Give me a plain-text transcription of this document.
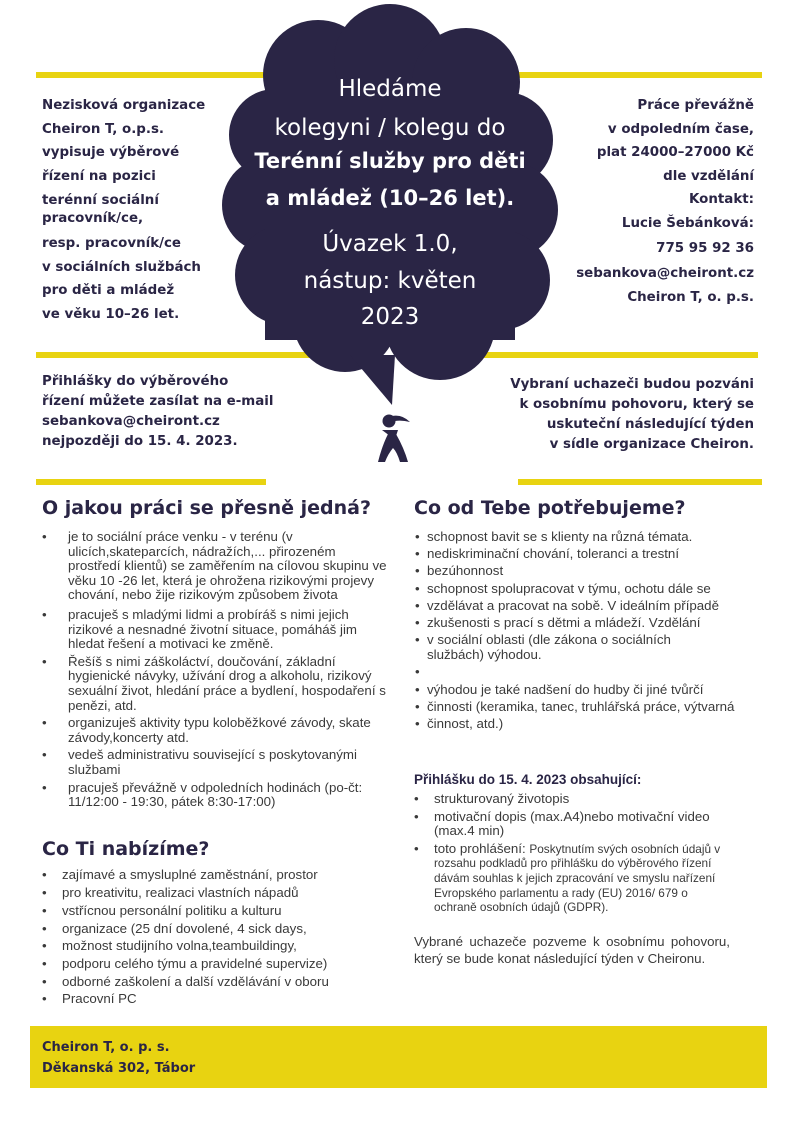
Hledáme
kolegyni / kolegu do
Terénní služby pro děti
a mládež (10–26 let).
Úvazek 1.0,
nástup: květen
2023
Nezisková organizace
Cheiron T, o.p.s.
vypisuje výběrové
řízení na pozici
terénní sociální
pracovník/ce,
resp. pracovník/ce
v sociálních službách
pro děti a mládež
ve věku 10–26 let.
Práce převážně
v odpoledním čase,
plat 24000–27000 Kč
dle vzdělání
Kontakt:
Lucie Šebánková:
775 95 92 36
sebankova@cheiront.cz
Cheiron T, o. p.s.
Přihlášky do výběrového
řízení můžete zasílat na e-mail
sebankova@cheiront.cz
nejpozději do 15. 4. 2023.
Vybraní uchazeči budou pozváni
k osobnímu pohovoru, který se
uskuteční následující týden
v sídle organizace Cheiron.
O jakou práci se přesně jedná?
• je to sociální práce venku - v terénu (v ulicích,skateparcích, nádražích,... přirozeném prostředí klientů) se zaměřením na cílovou skupinu ve věku 10 -26 let, která je ohrožena rizikovými projevy chování, nebo žije rizikovým způsobem života
• pracuješ s mladými lidmi a probíráš s nimi jejich rizikové a nesnadné životní situace, pomáháš jim hledat řešení a motivaci ke změně.
• Řešíš s nimi záškoláctví, doučování, základní hygienické návyky, užívání drog a alkoholu, rizikový sexuální život, hledání práce a bydlení, hospodaření s penězi, atd.
• organizuješ aktivity typu koloběžkové závody, skate závody,koncerty atd.
• vedeš administrativu související s poskytovanými službami
• pracuješ převážně v odpoledních hodinách (po-čt: 11/12:00 - 19:30, pátek 8:30-17:00)
Co Ti nabízíme?
• zajímavé a smysluplné zaměstnání, prostor
• pro kreativitu, realizaci vlastních nápadů
• vstřícnou personální politiku a kulturu
• organizace (25 dní dovolené, 4 sick days,
• možnost studijního volna,teambuildingy,
• podporu celého týmu a pravidelné supervize)
• odborné zaškolení a další vzdělávání v oboru
• Pracovní PC
Co od Tebe potřebujeme?
• schopnost bavit se s klienty na různá témata.
• nediskriminační chování, toleranci a trestní
• bezúhonnost
• schopnost spolupracovat v týmu, ochotu dále se
• vzdělávat a pracovat na sobě. V ideálním případě
• zkušenosti s prací s dětmi a mládeží. Vzdělání
• v sociální oblasti (dle zákona o sociálních službách) výhodou.
•
• výhodou je také nadšení do hudby či jiné tvůrčí
• činnosti (keramika, tanec, truhlářská práce, výtvarná
• činnost, atd.)
Přihlášku do 15. 4. 2023 obsahující:
• strukturovaný životopis
• motivační dopis (max.A4)nebo motivační video (max.4 min)
• toto prohlášení: Poskytnutím svých osobních údajů v rozsahu podkladů pro přihlášku do výběrového řízení dávám souhlas k jejich zpracování ve smyslu nařízení Evropského parlamentu a rady (EU) 2016/ 679 o ochraně osobních údajů (GDPR).
Vybrané uchazeče pozveme k osobnímu pohovoru, který se bude konat následující týden v Cheironu.
Cheiron T, o. p. s.
Děkanská 302, Tábor
